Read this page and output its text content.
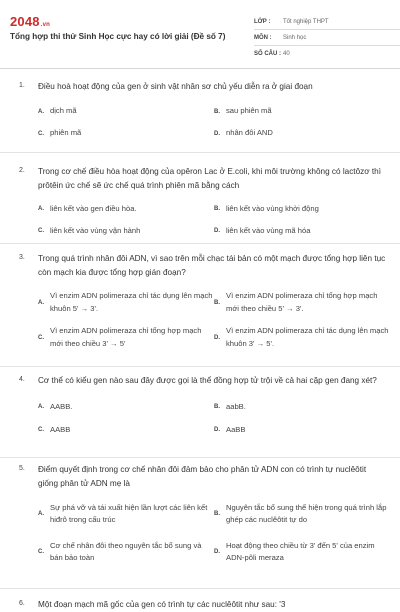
2048.vn
Tổng hợp thi thử Sinh Học cực hay có lời giải (Đề số 7)
LỚP :	Tốt nghiệp THPT
MÔN :	Sinh học
SỐ CÂU : 40
1. Điều hoà hoạt động của gen ở sinh vật nhân sơ chủ yếu diễn ra ở giai đoạn
A. dịch mã	B. sau phiên mã
C. phiên mã	D. nhân đôi AND
2. Trong cơ chế điều hòa hoạt động của opêron Lac ở E.coli, khi môi trường không có lactôzơ thì prôtêin ức chế sẽ ức chế quá trình phiên mã bằng cách
A. liên kết vào gen điều hòa.	B. liên kết vào vùng khởi động
C. liên kết vào vùng vận hành	D. liên kết vào vùng mã hóa
3. Trong quá trình nhân đôi ADN, vì sao trên mỗi chạc tái bản có một mạch được tổng hợp liên tục còn mạch kia được tổng hợp gián đoạn?
A.
Vì enzim ADN polimeraza chỉ tác dụng lên mạch khuôn 5' → 3'.
B.
Vì enzim ADN polimeraza chỉ tổng hợp mạch mới theo chiều 5' → 3'.
C.
Vì enzim ADN polimeraza chỉ tổng hợp mạch mới theo chiều 3' → 5'
D.
Vì enzim ADN polimeraza chỉ tác dụng lên mạch khuôn 3' → 5'.
4. Cơ thể có kiểu gen nào sau đây được gọi là thể đồng hợp tử trội về cả hai cặp gen đang xét?
A. AABB.	B. aabB.
C. AABB	D. AaBB
5. Điểm quyết định trong cơ chế nhân đôi đảm bảo cho phân tử ADN con có trình tự nuclêôtit giống phân tử ADN mẹ là
A.
Sự phá vỡ và tái xuất hiện lần lượt các liên kết hiđrô trong cấu trúc
B.
Nguyên tắc bổ sung thể hiện trong quá trình lắp ghép các nuclêôtit tự do
C.
Cơ chế nhân đôi theo nguyên tắc bổ sung và bán bảo toàn
D.
Hoạt động theo chiều từ 3' đến 5' của enzim ADN-pôli meraza
6. Một đoạn mạch mã gốc của gen có trình tự các nuclêôtit như sau: '3
